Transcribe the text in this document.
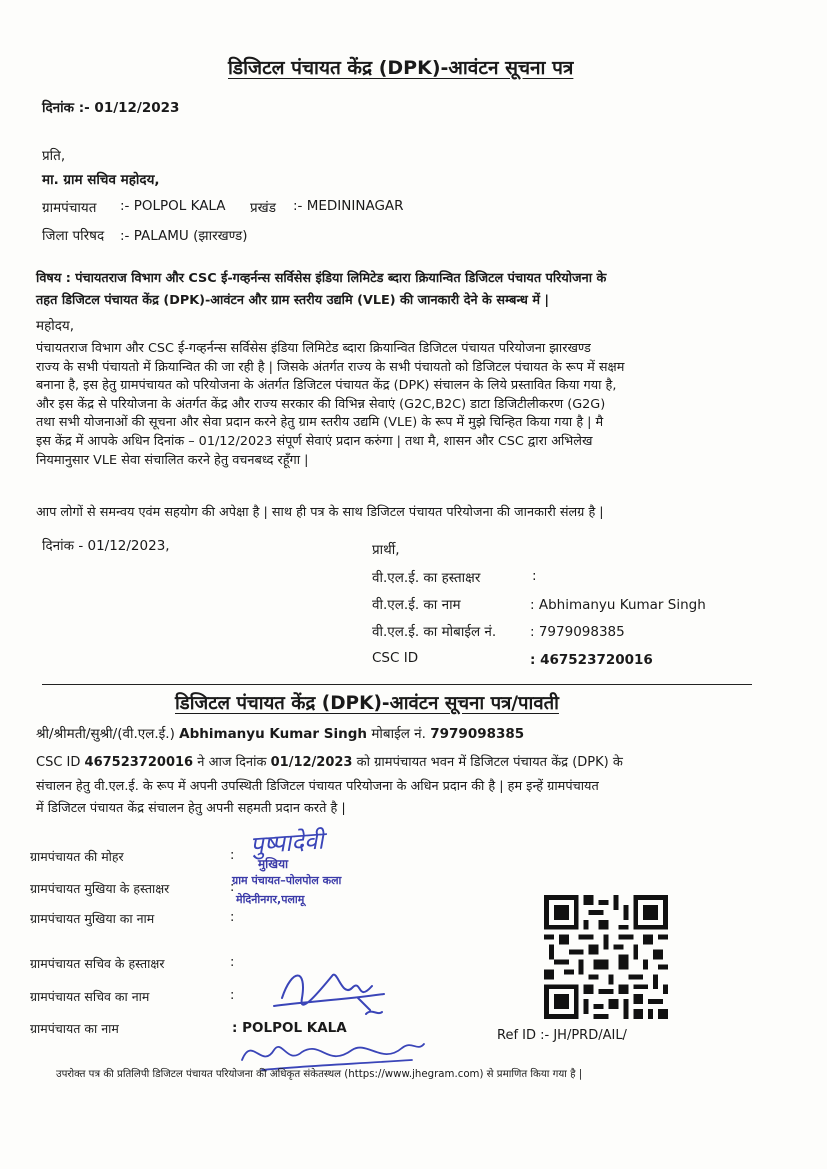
डिजिटल पंचायत केंद्र (DPK)-आवंटन सूचना पत्र
दिनांक :- 01/12/2023
प्रति,
मा. ग्राम सचिव महोदय,
ग्रामपंचायत :- POLPOL KALA प्रखंड :- MEDININAGAR
जिला परिषद :- PALAMU (झारखण्ड)
विषय : पंचायतराज विभाग और CSC ई-गव्हर्नन्स सर्विसेस इंडिया लिमिटेड ब्दारा क्रियान्वित डिजिटल पंचायत परियोजना के
तहत डिजिटल पंचायत केंद्र (DPK)-आवंटन और ग्राम स्तरीय उद्यमि (VLE) की जानकारी देने के सम्बन्ध में |
महोदय,
पंचायतराज विभाग और CSC ई-गव्हर्नन्स सर्विसेस इंडिया लिमिटेड ब्दारा क्रियान्वित डिजिटल पंचायत परियोजना झारखण्ड
राज्य के सभी पंचायतो में क्रियान्वित की जा रही है | जिसके अंतर्गत राज्य के सभी पंचायतो को डिजिटल पंचायत के रूप में सक्षम
बनाना है, इस हेतु ग्रामपंचायत को परियोजना के अंतर्गत डिजिटल पंचायत केंद्र (DPK) संचालन के लिये प्रस्तावित किया गया है,
और इस केंद्र से परियोजना के अंतर्गत केंद्र और राज्य सरकार की विभिन्न सेवाएं (G2C,B2C) डाटा डिजिटीलीकरण (G2G)
तथा सभी योजनाओं की सूचना और सेवा प्रदान करने हेतु ग्राम स्तरीय उद्यमि (VLE) के रूप में मुझे चिन्हित किया गया है | मै
इस केंद्र में आपके अधिन दिनांक – 01/12/2023 संपूर्ण सेवाएं प्रदान करुंगा | तथा मै, शासन और CSC द्वारा अभिलेख
नियमानुसार VLE सेवा संचालित करने हेतु वचनबध्द रहूँगा |
आप लोगों से समन्वय एवंम सहयोग की अपेक्षा है | साथ ही पत्र के साथ डिजिटल पंचायत परियोजना की जानकारी संलग्र है |
दिनांक - 01/12/2023,	प्रार्थी,
वी.एल.ई. का हस्ताक्षर	:
वी.एल.ई. का नाम	: Abhimanyu Kumar Singh
वी.एल.ई. का मोबाईल नं.	: 7979098385
CSC ID	: 467523720016
डिजिटल पंचायत केंद्र (DPK)-आवंटन सूचना पत्र/पावती
श्री/श्रीमती/सुश्री/(वी.एल.ई.) Abhimanyu Kumar Singh मोबाईल नं. 7979098385
CSC ID 467523720016 ने आज दिनांक 01/12/2023 को ग्रामपंचायत भवन में डिजिटल पंचायत केंद्र (DPK) के
संचालन हेतु वी.एल.ई. के रूप में अपनी उपस्थिती डिजिटल पंचायत परियोजना के अधिन प्रदान की है | हम इन्हें ग्रामपंचायत
में डिजिटल पंचायत केंद्र संचालन हेतु अपनी सहमती प्रदान करते है |
ग्रामपंचायत की मोहर	:
ग्रामपंचायत मुखिया के हस्ताक्षर	:
ग्रामपंचायत मुखिया का नाम	:
ग्रामपंचायत सचिव के हस्ताक्षर	:
ग्रामपंचायत सचिव का नाम	:
ग्रामपंचायत का नाम	: POLPOL KALA
पुष्पादेवी
मुखिया
ग्राम पंचायत–पोलपोल कला
मेदिनीनगर,पलामू
Ref ID :- JH/PRD/AIL/
उपरोक्त पत्र की प्रतिलिपी डिजिटल पंचायत परियोजना की अधिकृत संकेतस्थल (https://www.jhegram.com) से प्रमाणित किया गया है |
